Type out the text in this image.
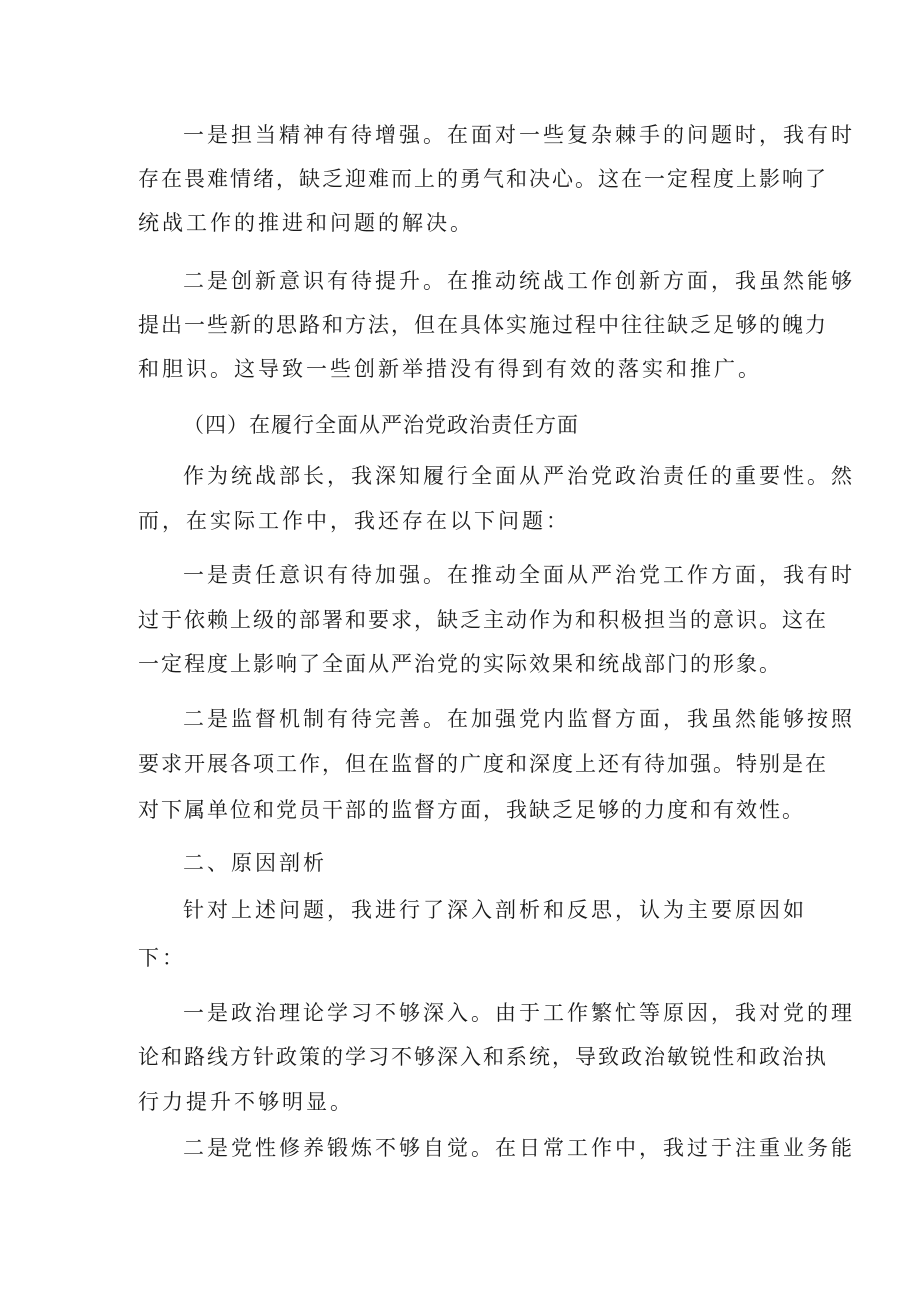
一是担当精神有待增强。在面对一些复杂棘手的问题时，我有时
存在畏难情绪，缺乏迎难而上的勇气和决心。这在一定程度上影响了
统战工作的推进和问题的解决。
二是创新意识有待提升。在推动统战工作创新方面，我虽然能够
提出一些新的思路和方法，但在具体实施过程中往往缺乏足够的魄力
和胆识。这导致一些创新举措没有得到有效的落实和推广。
（四）在履行全面从严治党政治责任方面
作为统战部长，我深知履行全面从严治党政治责任的重要性。然
而，在实际工作中，我还存在以下问题：
一是责任意识有待加强。在推动全面从严治党工作方面，我有时
过于依赖上级的部署和要求，缺乏主动作为和积极担当的意识。这在
一定程度上影响了全面从严治党的实际效果和统战部门的形象。
二是监督机制有待完善。在加强党内监督方面，我虽然能够按照
要求开展各项工作，但在监督的广度和深度上还有待加强。特别是在
对下属单位和党员干部的监督方面，我缺乏足够的力度和有效性。
二、原因剖析
针对上述问题，我进行了深入剖析和反思，认为主要原因如
下：
一是政治理论学习不够深入。由于工作繁忙等原因，我对党的理
论和路线方针政策的学习不够深入和系统，导致政治敏锐性和政治执
行力提升不够明显。
二是党性修养锻炼不够自觉。在日常工作中，我过于注重业务能
